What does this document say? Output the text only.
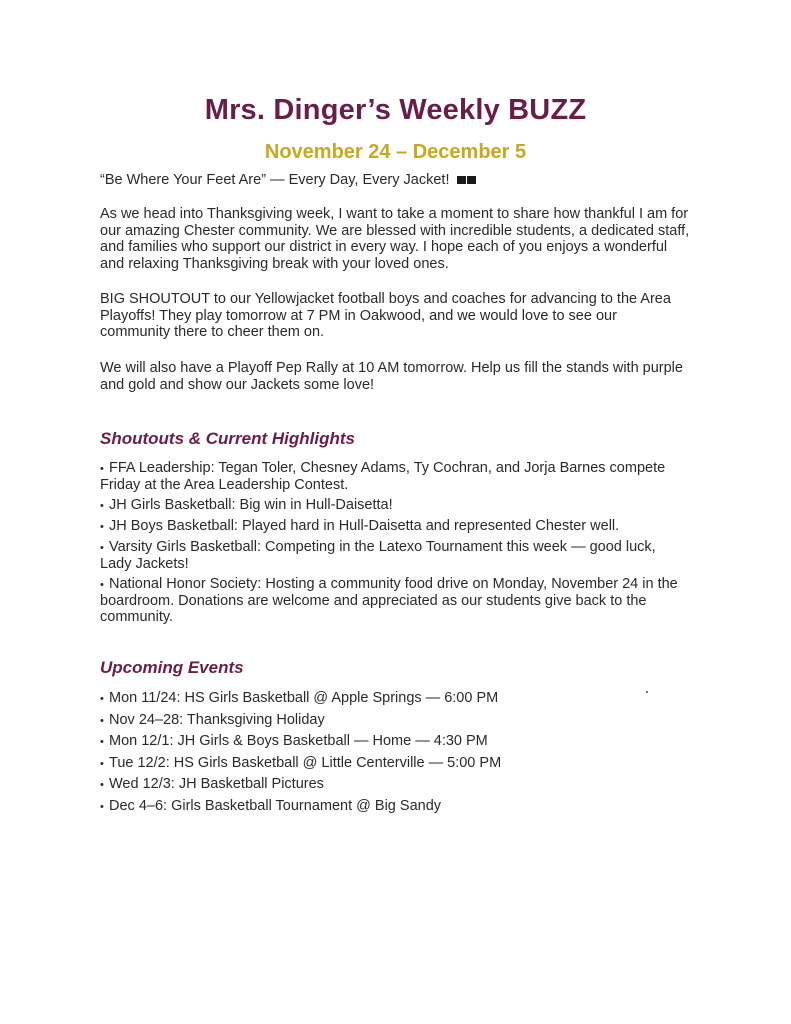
Mrs. Dinger’s Weekly BUZZ
November 24 – December 5
“Be Where Your Feet Are” — Every Day, Every Jacket!

As we head into Thanksgiving week, I want to take a moment to share how thankful I am for our amazing Chester community. We are blessed with incredible students, a dedicated staff, and families who support our district in every way. I hope each of you enjoys a wonderful and relaxing Thanksgiving break with your loved ones.

BIG SHOUTOUT to our Yellowjacket football boys and coaches for advancing to the Area Playoffs! They play tomorrow at 7 PM in Oakwood, and we would love to see our community there to cheer them on.

We will also have a Playoff Pep Rally at 10 AM tomorrow. Help us fill the stands with purple and gold and show our Jackets some love!

Shoutouts & Current Highlights
• FFA Leadership: Tegan Toler, Chesney Adams, Ty Cochran, and Jorja Barnes compete Friday at the Area Leadership Contest.
• JH Girls Basketball: Big win in Hull-Daisetta!
• JH Boys Basketball: Played hard in Hull-Daisetta and represented Chester well.
• Varsity Girls Basketball: Competing in the Latexo Tournament this week — good luck, Lady Jackets!
• National Honor Society: Hosting a community food drive on Monday, November 24 in the boardroom. Donations are welcome and appreciated as our students give back to the community.
Upcoming Events
• Mon 11/24: HS Girls Basketball @ Apple Springs — 6:00 PM
• Nov 24–28: Thanksgiving Holiday
• Mon 12/1: JH Girls & Boys Basketball — Home — 4:30 PM
• Tue 12/2: HS Girls Basketball @ Little Centerville — 5:00 PM
• Wed 12/3: JH Basketball Pictures
• Dec 4–6: Girls Basketball Tournament @ Big Sandy
